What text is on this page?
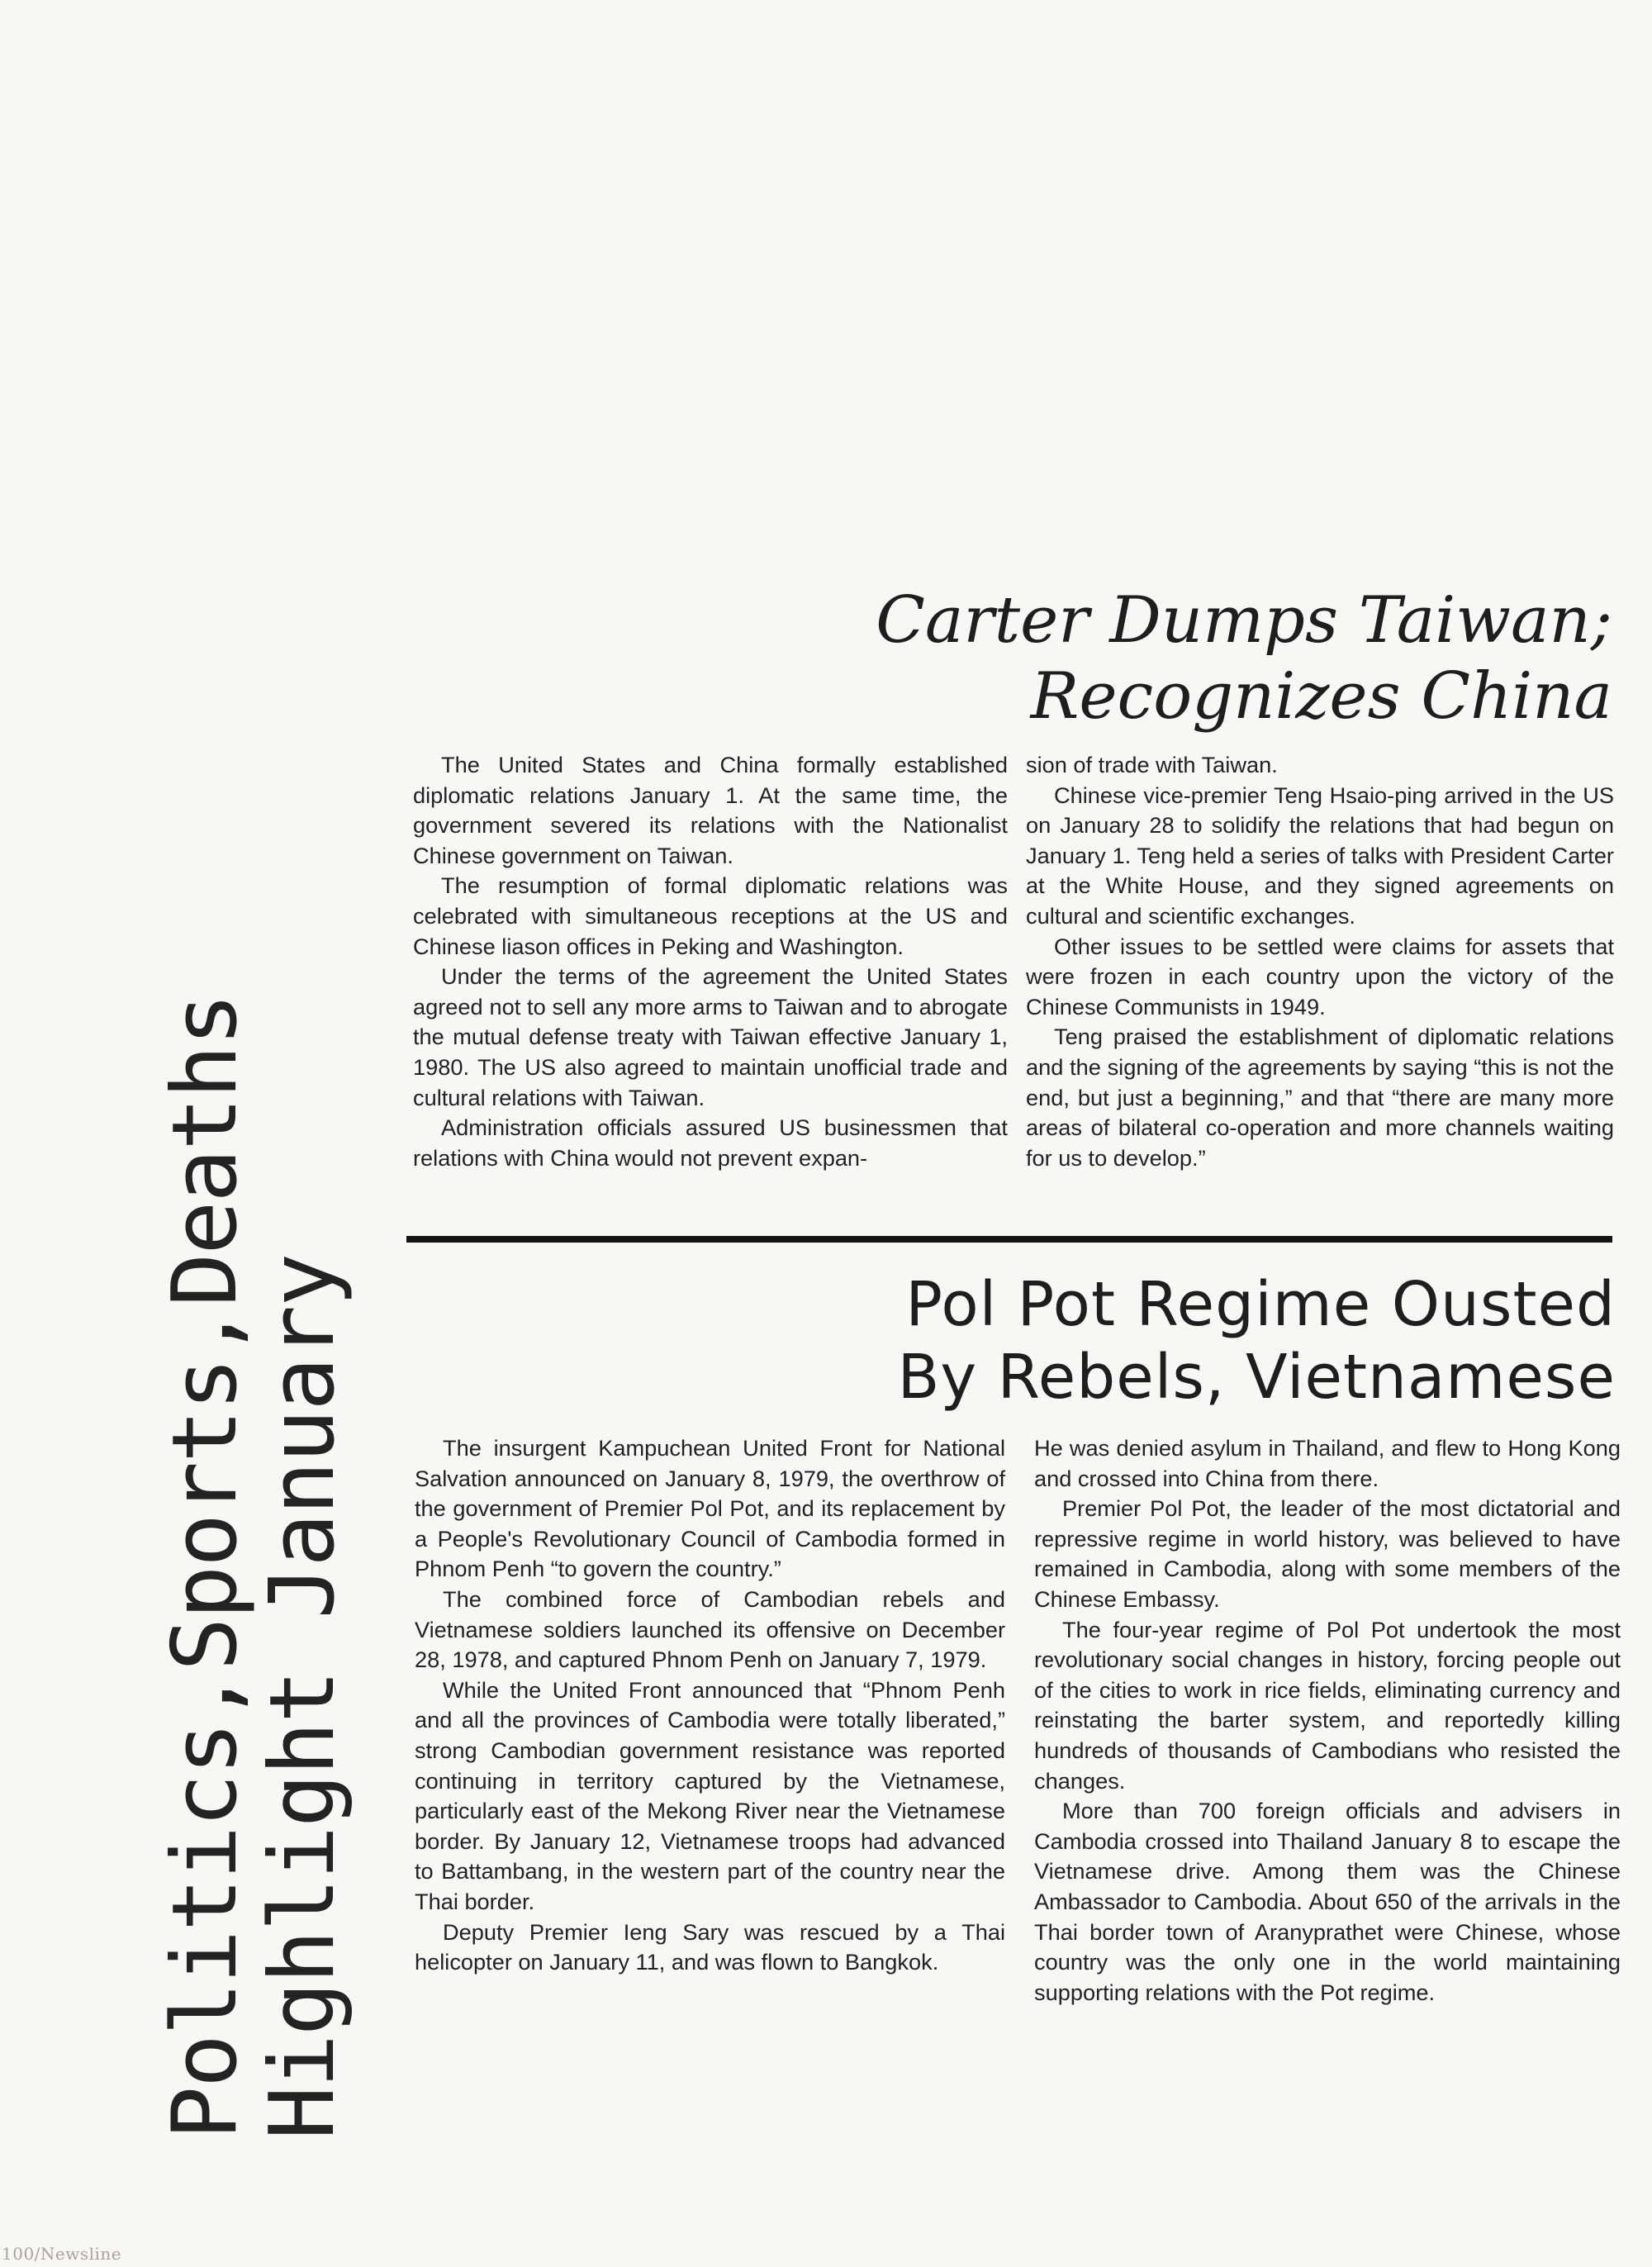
Politics,Sports,Deaths
Highlight January
Carter Dumps Taiwan;
Recognizes China

The United States and China formally established diplomatic relations January 1. At the same time, the government severed its relations with the Nationalist Chinese government on Taiwan.

The resumption of formal diplomatic relations was celebrated with simultaneous receptions at the US and Chinese liason offices in Peking and Washington.

Under the terms of the agreement the United States agreed not to sell any more arms to Taiwan and to abrogate the mutual defense treaty with Taiwan effective January 1, 1980. The US also agreed to maintain unofficial trade and cultural relations with Taiwan.

Administration officials assured US businessmen that relations with China would not prevent expan-

sion of trade with Taiwan.

Chinese vice-premier Teng Hsaio-ping arrived in the US on January 28 to solidify the relations that had begun on January 1. Teng held a series of talks with President Carter at the White House, and they signed agreements on cultural and scientific exchanges.

Other issues to be settled were claims for assets that were frozen in each country upon the victory of the Chinese Communists in 1949.

Teng praised the establishment of diplomatic relations and the signing of the agreements by saying “this is not the end, but just a beginning,” and that “there are many more areas of bilateral co-operation and more channels waiting for us to develop.”

Pol Pot Regime Ousted
By Rebels, Vietnamese

The insurgent Kampuchean United Front for National Salvation announced on January 8, 1979, the overthrow of the government of Premier Pol Pot, and its replacement by a People's Revolutionary Council of Cambodia formed in Phnom Penh “to govern the country.”

The combined force of Cambodian rebels and Vietnamese soldiers launched its offensive on December 28, 1978, and captured Phnom Penh on January 7, 1979.

While the United Front announced that “Phnom Penh and all the provinces of Cambodia were totally liberated,” strong Cambodian government resistance was reported continuing in territory captured by the Vietnamese, particularly east of the Mekong River near the Vietnamese border. By January 12, Vietnamese troops had advanced to Battambang, in the western part of the country near the Thai border.

Deputy Premier Ieng Sary was rescued by a Thai helicopter on January 11, and was flown to Bangkok.

He was denied asylum in Thailand, and flew to Hong Kong and crossed into China from there.

Premier Pol Pot, the leader of the most dictatorial and repressive regime in world history, was believed to have remained in Cambodia, along with some members of the Chinese Embassy.

The four-year regime of Pol Pot undertook the most revolutionary social changes in history, forcing people out of the cities to work in rice fields, eliminating currency and reinstating the barter system, and reportedly killing hundreds of thousands of Cambodians who resisted the changes.

More than 700 foreign officials and advisers in Cambodia crossed into Thailand January 8 to escape the Vietnamese drive. Among them was the Chinese Ambassador to Cambodia. About 650 of the arrivals in the Thai border town of Aranyprathet were Chinese, whose country was the only one in the world maintaining supporting relations with the Pot regime.

100/Newsline
